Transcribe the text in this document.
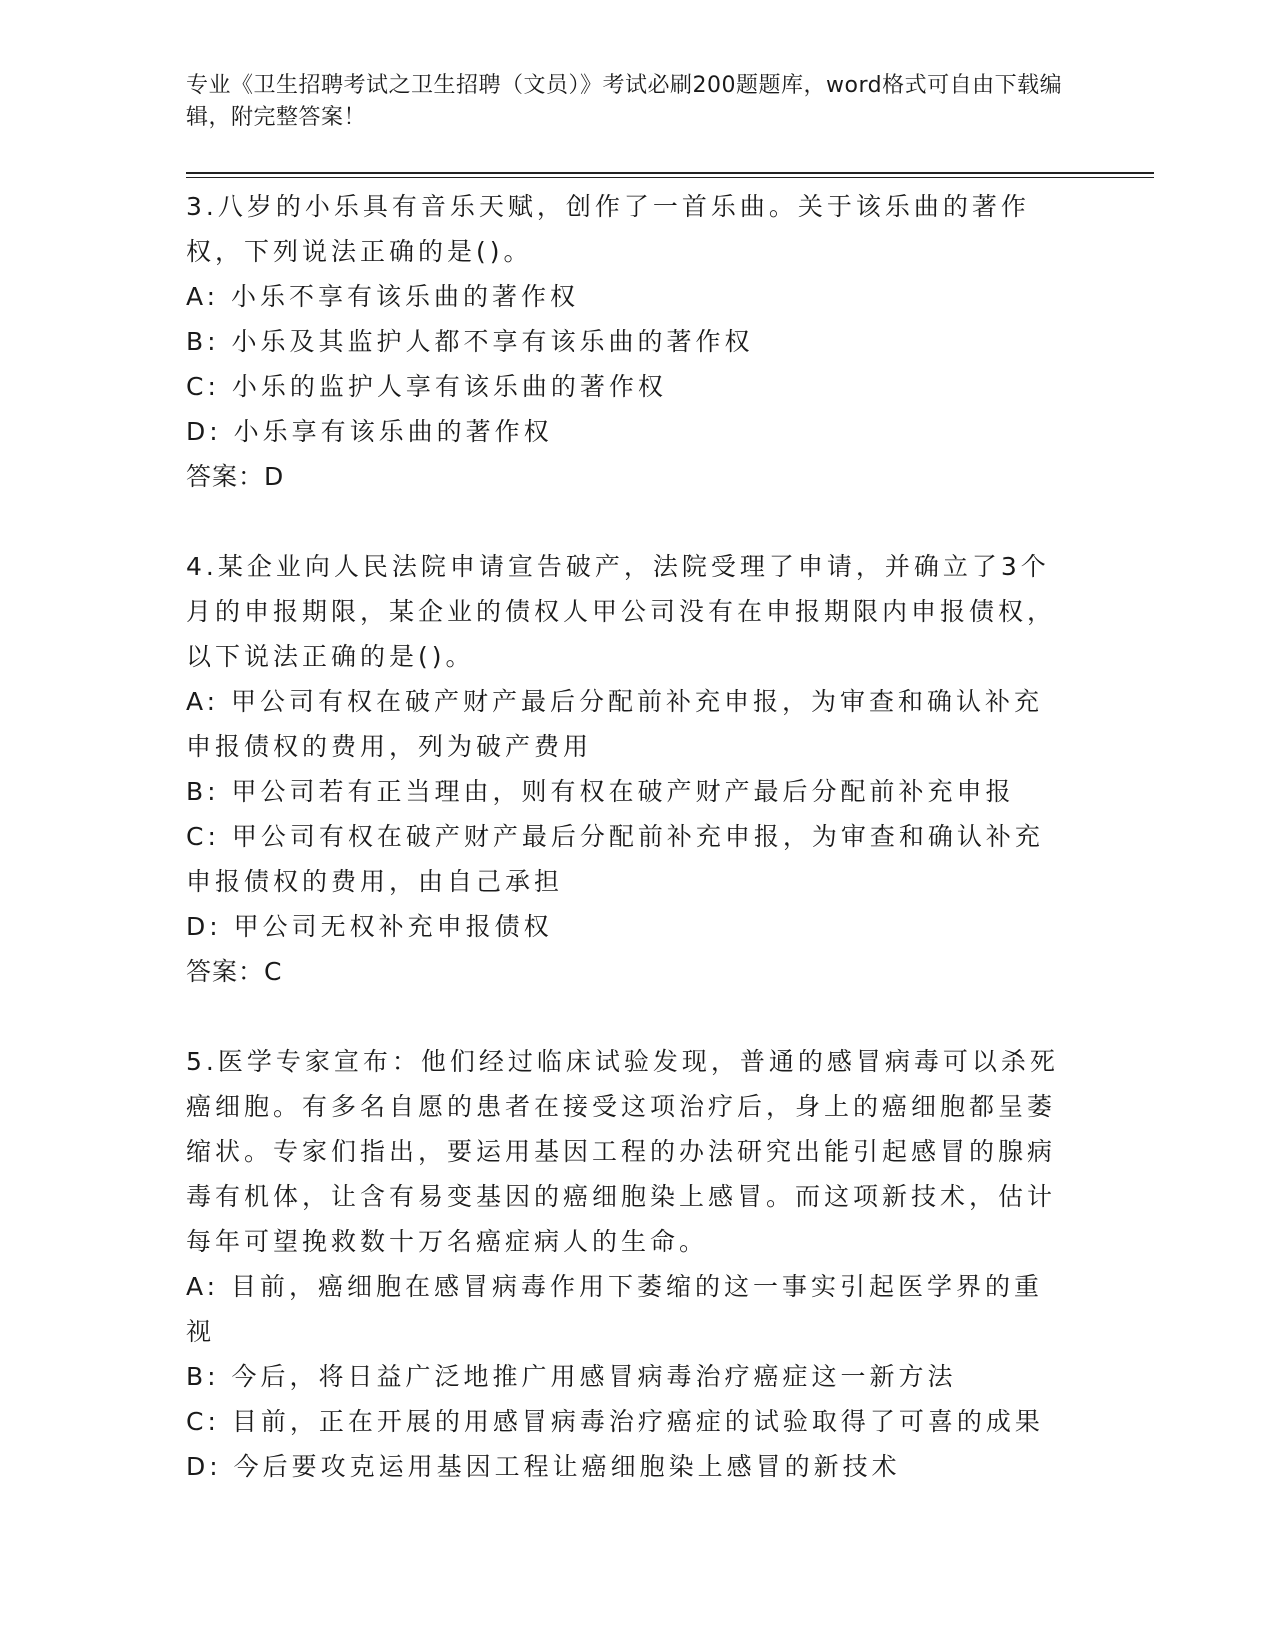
专业《卫生招聘考试之卫生招聘（文员）》考试必刷200题题库，word格式可自由下载编辑，附完整答案！

3.八岁的小乐具有音乐天赋，创作了一首乐曲。关于该乐曲的著作权，下列说法正确的是()。

A: 小乐不享有该乐曲的著作权

B: 小乐及其监护人都不享有该乐曲的著作权

C: 小乐的监护人享有该乐曲的著作权

D: 小乐享有该乐曲的著作权

答案：D

4.某企业向人民法院申请宣告破产，法院受理了申请，并确立了3个月的申报期限，某企业的债权人甲公司没有在申报期限内申报债权，以下说法正确的是()。

A: 甲公司有权在破产财产最后分配前补充申报，为审查和确认补充申报债权的费用，列为破产费用

B: 甲公司若有正当理由，则有权在破产财产最后分配前补充申报

C: 甲公司有权在破产财产最后分配前补充申报，为审查和确认补充申报债权的费用，由自己承担

D: 甲公司无权补充申报债权

答案：C

5.医学专家宣布：他们经过临床试验发现，普通的感冒病毒可以杀死癌细胞。有多名自愿的患者在接受这项治疗后，身上的癌细胞都呈萎缩状。专家们指出，要运用基因工程的办法研究出能引起感冒的腺病毒有机体，让含有易变基因的癌细胞染上感冒。而这项新技术，估计每年可望挽救数十万名癌症病人的生命。

A: 目前，癌细胞在感冒病毒作用下萎缩的这一事实引起医学界的重视

B: 今后，将日益广泛地推广用感冒病毒治疗癌症这一新方法

C: 目前，正在开展的用感冒病毒治疗癌症的试验取得了可喜的成果

D: 今后要攻克运用基因工程让癌细胞染上感冒的新技术
